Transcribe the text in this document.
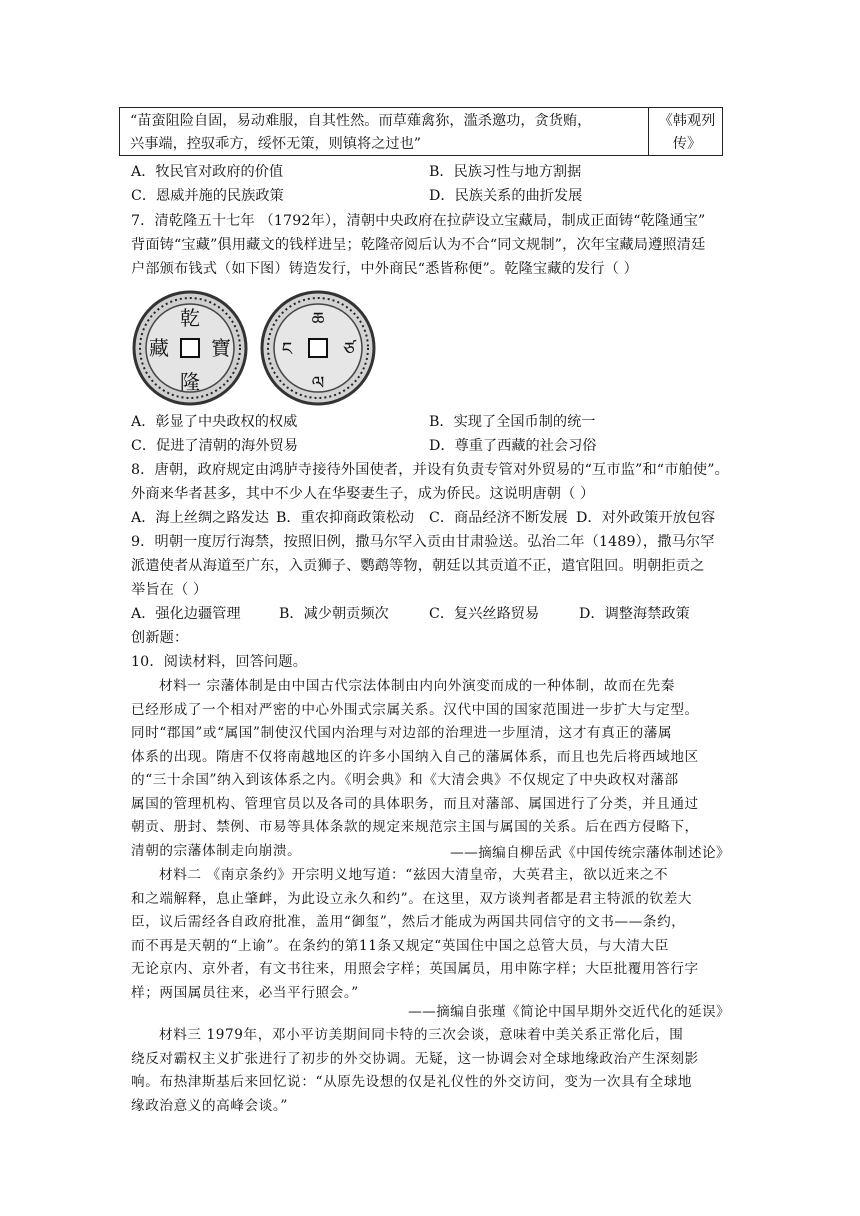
“苗蛮阻险自固，易动难服，自其性然。而草薙禽狝，滥杀邀功，贪货贿，
兴事端，控驭乖方，绥怀无策，则镇将之过也”
《韩观列
传》
A．牧民官对政府的价值	B．民族习性与地方割据
C．恩威并施的民族政策	D．民族关系的曲折发展
7．清乾隆五十七年 （1792年），清朝中央政府在拉萨设立宝藏局，制成正面铸“乾隆通宝”
背面铸“宝藏”俱用藏文的钱样进呈；乾隆帝阅后认为不合“同文规制”，次年宝藏局遵照清廷
户部颁布钱式（如下图）铸造发行，中外商民“悉皆称便”。乾隆宝藏的发行（ ）
乾
隆
寶
藏
ཆ
ལ
ཙ
ང
A．彰显了中央政权的权威	B．实现了全国币制的统一
C．促进了清朝的海外贸易	D．尊重了西藏的社会习俗
8．唐朝，政府规定由鸿胪寺接待外国使者，并设有负责专管对外贸易的“互市监”和“市舶使”。
外商来华者甚多，其中不少人在华娶妻生子，成为侨民。这说明唐朝（ ）
A．海上丝绸之路发达 B．重农抑商政策松动 C．商品经济不断发展 D．对外政策开放包容
9．明朝一度厉行海禁，按照旧例，撒马尔罕入贡由甘肃验送。弘治二年（1489），撒马尔罕
派遣使者从海道至广东，入贡狮子、鹦鹉等物，朝廷以其贡道不正，遣官阻回。明朝拒贡之
举旨在（ ）
A．强化边疆管理	B．减少朝贡频次	C．复兴丝路贸易	D．调整海禁政策
创新题：
10．阅读材料，回答问题。
材料一 宗藩体制是由中国古代宗法体制由内向外演变而成的一种体制，故而在先秦
已经形成了一个相对严密的中心外围式宗属关系。汉代中国的国家范围进一步扩大与定型。
同时“郡国”或“属国”制使汉代国内治理与对边部的治理进一步厘清，这才有真正的藩属
体系的出现。隋唐不仅将南越地区的许多小国纳入自己的藩属体系，而且也先后将西域地区
的“三十余国”纳入到该体系之内。《明会典》和《大清会典》不仅规定了中央政权对藩部
属国的管理机构、管理官员以及各司的具体职务，而且对藩部、属国进行了分类，并且通过
朝贡、册封、禁例、市易等具体条款的规定来规范宗主国与属国的关系。后在西方侵略下，
清朝的宗藩体制走向崩溃。	——摘编自柳岳武《中国传统宗藩体制述论》
材料二 《南京条约》开宗明义地写道：“兹因大清皇帝，大英君主，欲以近来之不
和之端解释，息止肇衅，为此设立永久和约”。在这里，双方谈判者都是君主特派的钦差大
臣，议后需经各自政府批准，盖用“御玺”，然后才能成为两国共同信守的文书——条约，
而不再是天朝的“上谕”。在条约的第11条又规定“英国住中国之总管大员，与大清大臣
无论京内、京外者，有文书往来，用照会字样；英国属员，用申陈字样；大臣批覆用答行字
样；两国属员往来，必当平行照会。”
——摘编自张瑾《简论中国早期外交近代化的延误》
材料三 1979年，邓小平访美期间同卡特的三次会谈，意味着中美关系正常化后，围
绕反对霸权主义扩张进行了初步的外交协调。无疑，这一协调会对全球地缘政治产生深刻影
响。布热津斯基后来回忆说：“从原先设想的仅是礼仪性的外交访问，变为一次具有全球地
缘政治意义的高峰会谈。”
